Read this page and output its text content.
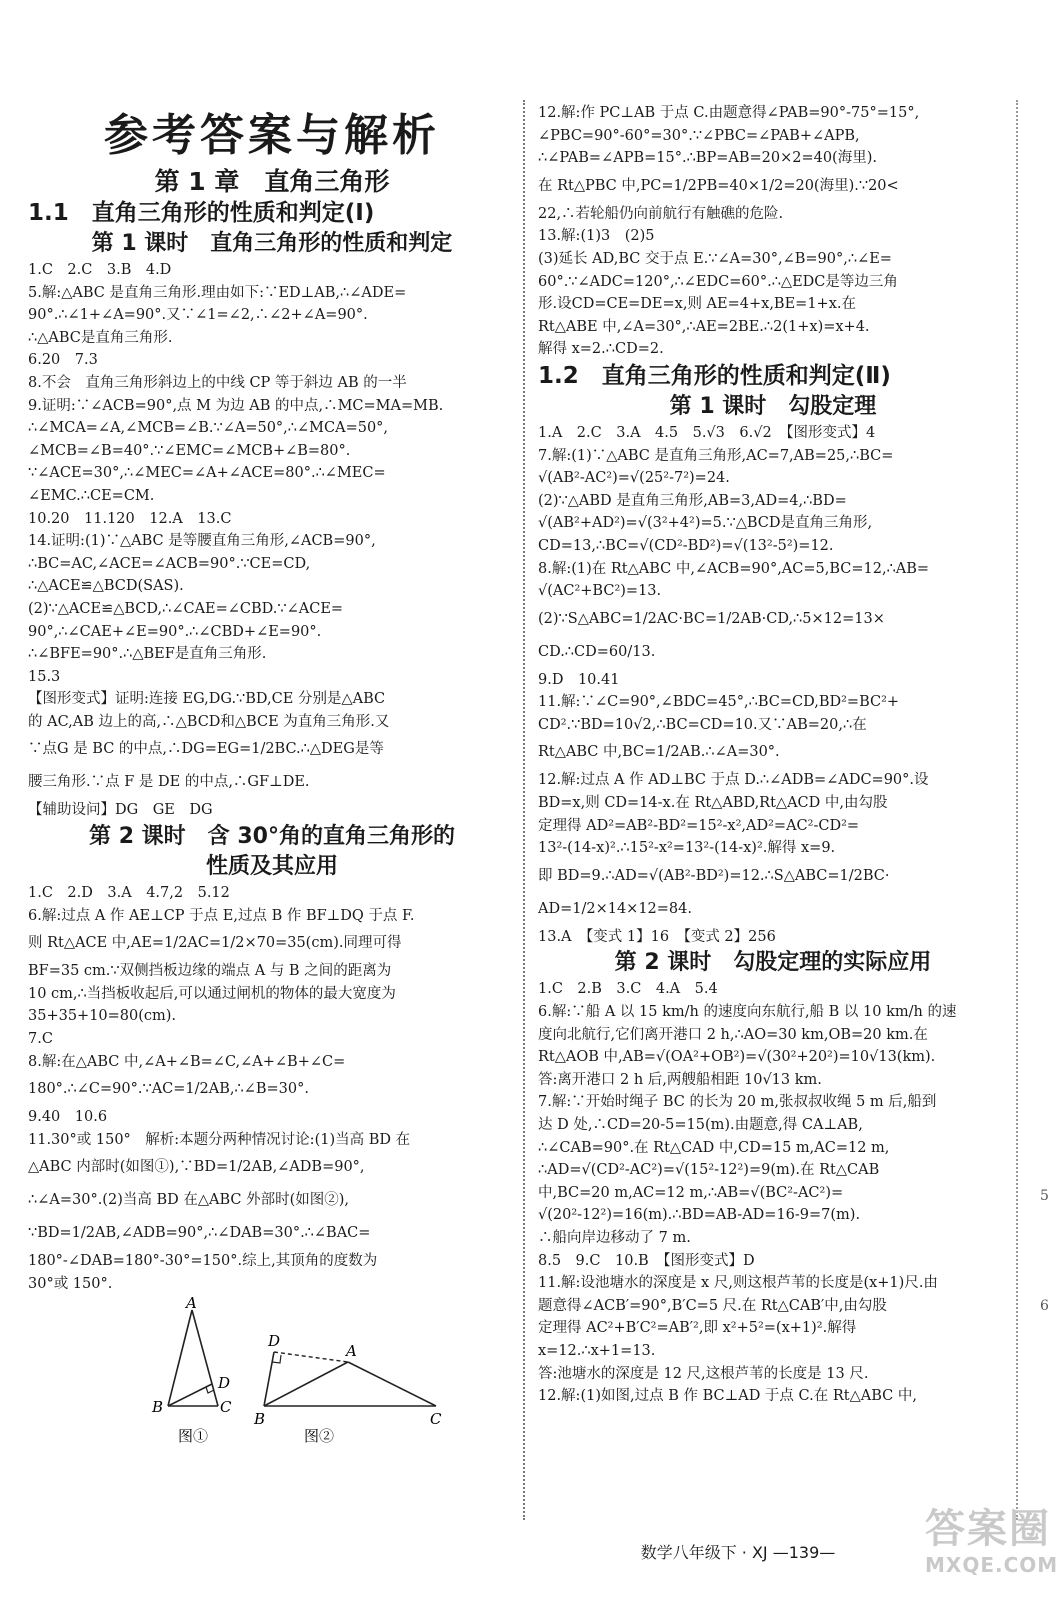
参考答案与解析
第 1 章　直角三角形
1.1　直角三角形的性质和判定(Ⅰ)
第 1 课时　直角三角形的性质和判定
1.C　2.C　3.B　4.D
5.解:△ABC 是直角三角形.理由如下:∵ED⊥AB,∴∠ADE=
90°.∴∠1+∠A=90°.又∵∠1=∠2,∴∠2+∠A=90°.
∴△ABC是直角三角形.
6.20　7.3
8.不会　直角三角形斜边上的中线 CP 等于斜边 AB 的一半
9.证明:∵∠ACB=90°,点 M 为边 AB 的中点,∴MC=MA=MB.
∴∠MCA=∠A,∠MCB=∠B.∵∠A=50°,∴∠MCA=50°,
∠MCB=∠B=40°.∵∠EMC=∠MCB+∠B=80°.
∵∠ACE=30°,∴∠MEC=∠A+∠ACE=80°.∴∠MEC=
∠EMC.∴CE=CM.
10.20　11.120　12.A　13.C
14.证明:(1)∵△ABC 是等腰直角三角形,∠ACB=90°,
∴BC=AC,∠ACE=∠ACB=90°.∵CE=CD,
∴△ACE≌△BCD(SAS).
(2)∵△ACE≌△BCD,∴∠CAE=∠CBD.∵∠ACE=
90°,∴∠CAE+∠E=90°.∴∠CBD+∠E=90°.
∴∠BFE=90°.∴△BEF是直角三角形.
15.3
【图形变式】证明:连接 EG,DG.∵BD,CE 分别是△ABC
的 AC,AB 边上的高,∴△BCD和△BCE 为直角三角形.又
∵点G 是 BC 的中点,∴DG=EG=1/2BC.∴△DEG是等
腰三角形.∵点 F 是 DE 的中点,∴GF⊥DE.
【辅助设问】DG　GE　DG
第 2 课时　含 30°角的直角三角形的
性质及其应用
1.C　2.D　3.A　4.7,2　5.12
6.解:过点 A 作 AE⊥CP 于点 E,过点 B 作 BF⊥DQ 于点 F.
则 Rt△ACE 中,AE=1/2AC=1/2×70=35(cm).同理可得
BF=35 cm.∵双侧挡板边缘的端点 A 与 B 之间的距离为
10 cm,∴当挡板收起后,可以通过闸机的物体的最大宽度为
35+35+10=80(cm).
7.C
8.解:在△ABC 中,∠A+∠B=∠C,∠A+∠B+∠C=
180°.∴∠C=90°.∵AC=1/2AB,∴∠B=30°.
9.40　10.6
11.30°或 150°　解析:本题分两种情况讨论:(1)当高 BD 在
△ABC 内部时(如图①),∵BD=1/2AB,∠ADB=90°,
∴∠A=30°.(2)当高 BD 在△ABC 外部时(如图②),
∵BD=1/2AB,∠ADB=90°,∴∠DAB=30°.∴∠BAC=
180°-∠DAB=180°-30°=150°.综上,其顶角的度数为
30°或 150°.
A
B	C
D
图①
D
A
B	C
图②
12.解:作 PC⊥AB 于点 C.由题意得∠PAB=90°-75°=15°,
∠PBC=90°-60°=30°.∵∠PBC=∠PAB+∠APB,
∴∠PAB=∠APB=15°.∴BP=AB=20×2=40(海里).
在 Rt△PBC 中,PC=1/2PB=40×1/2=20(海里).∵20<
22,∴若轮船仍向前航行有触礁的危险.
13.解:(1)3　(2)5
(3)延长 AD,BC 交于点 E.∵∠A=30°,∠B=90°,∴∠E=
60°.∵∠ADC=120°,∴∠EDC=60°.∴△EDC是等边三角
形.设CD=CE=DE=x,则 AE=4+x,BE=1+x.在
Rt△ABE 中,∠A=30°,∴AE=2BE.∴2(1+x)=x+4.
解得 x=2.∴CD=2.
1.2　直角三角形的性质和判定(Ⅱ)
第 1 课时　勾股定理
1.A　2.C　3.A　4.5　5.√3　6.√2　【图形变式】4
7.解:(1)∵△ABC 是直角三角形,AC=7,AB=25,∴BC=
√(AB²-AC²)=√(25²-7²)=24.
(2)∵△ABD 是直角三角形,AB=3,AD=4,∴BD=
√(AB²+AD²)=√(3²+4²)=5.∵△BCD是直角三角形,
CD=13,∴BC=√(CD²-BD²)=√(13²-5²)=12.
8.解:(1)在 Rt△ABC 中,∠ACB=90°,AC=5,BC=12,∴AB=
√(AC²+BC²)=13.
(2)∵S△ABC=1/2AC·BC=1/2AB·CD,∴5×12=13×
CD.∴CD=60/13.
9.D　10.41
11.解:∵∠C=90°,∠BDC=45°,∴BC=CD,BD²=BC²+
CD².∵BD=10√2,∴BC=CD=10.又∵AB=20,∴在
Rt△ABC 中,BC=1/2AB.∴∠A=30°.
12.解:过点 A 作 AD⊥BC 于点 D.∴∠ADB=∠ADC=90°.设
BD=x,则 CD=14-x.在 Rt△ABD,Rt△ACD 中,由勾股
定理得 AD²=AB²-BD²=15²-x²,AD²=AC²-CD²=
13²-(14-x)².∴15²-x²=13²-(14-x)².解得 x=9.
即 BD=9.∴AD=√(AB²-BD²)=12.∴S△ABC=1/2BC·
AD=1/2×14×12=84.
13.A　【变式 1】16　【变式 2】256
第 2 课时　勾股定理的实际应用
1.C　2.B　3.C　4.A　5.4
6.解:∵船 A 以 15 km/h 的速度向东航行,船 B 以 10 km/h 的速
度向北航行,它们离开港口 2 h,∴AO=30 km,OB=20 km.在
Rt△AOB 中,AB=√(OA²+OB²)=√(30²+20²)=10√13(km).
答:离开港口 2 h 后,两艘船相距 10√13 km.
7.解:∵开始时绳子 BC 的长为 20 m,张叔叔收绳 5 m 后,船到
达 D 处,∴CD=20-5=15(m).由题意,得 CA⊥AB,
∴∠CAB=90°.在 Rt△CAD 中,CD=15 m,AC=12 m,
∴AD=√(CD²-AC²)=√(15²-12²)=9(m).在 Rt△CAB
中,BC=20 m,AC=12 m,∴AB=√(BC²-AC²)=
√(20²-12²)=16(m).∴BD=AB-AD=16-9=7(m).
∴船向岸边移动了 7 m.
8.5　9.C　10.B　【图形变式】D
11.解:设池塘水的深度是 x 尺,则这根芦苇的长度是(x+1)尺.由
题意得∠ACB′=90°,B′C=5 尺.在 Rt△CAB′中,由勾股
定理得 AC²+B′C²=AB′²,即 x²+5²=(x+1)².解得
x=12.∴x+1=13.
答:池塘水的深度是 12 尺,这根芦苇的长度是 13 尺.
12.解:(1)如图,过点 B 作 BC⊥AD 于点 C.在 Rt△ABC 中,
5
6
数学八年级下 · XJ —139—
答案圈
MXQE.COM
